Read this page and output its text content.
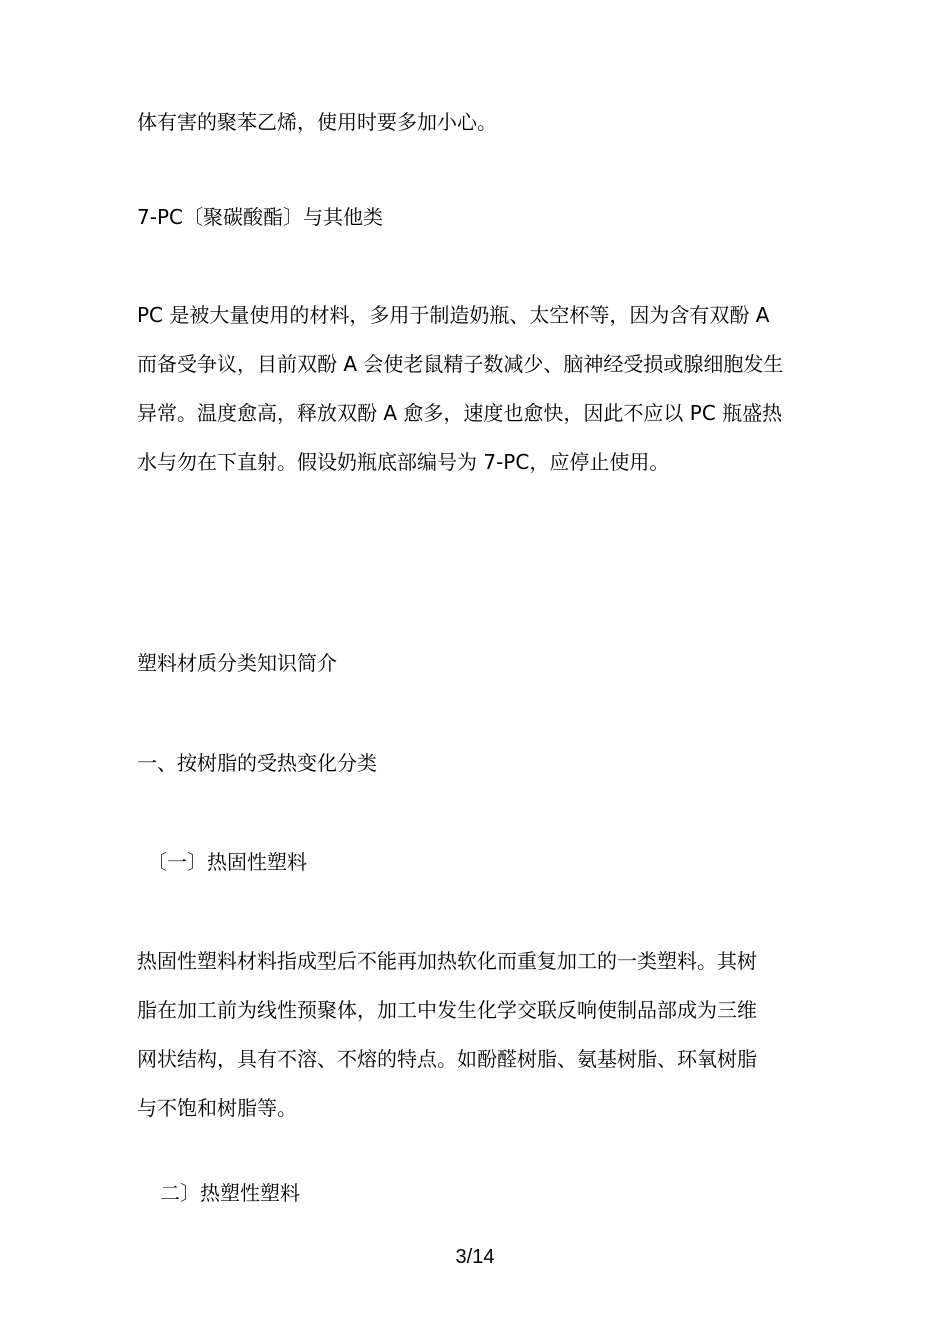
体有害的聚苯乙烯，使用时要多加小心。
7-PC〔聚碳酸酯〕与其他类
PC 是被大量使用的材料，多用于制造奶瓶、太空杯等，因为含有双酚 A
而备受争议，目前双酚 A 会使老鼠精子数减少、脑神经受损或腺细胞发生
异常。温度愈高，释放双酚 A 愈多，速度也愈快，因此不应以 PC 瓶盛热
水与勿在下直射。假设奶瓶底部编号为 7-PC，应停止使用。
塑料材质分类知识简介
一、按树脂的受热变化分类
〔一〕热固性塑料
热固性塑料材料指成型后不能再加热软化而重复加工的一类塑料。其树
脂在加工前为线性预聚体，加工中发生化学交联反响使制品部成为三维
网状结构，具有不溶、不熔的特点。如酚醛树脂、氨基树脂、环氧树脂
与不饱和树脂等。
二〕热塑性塑料
3/14
